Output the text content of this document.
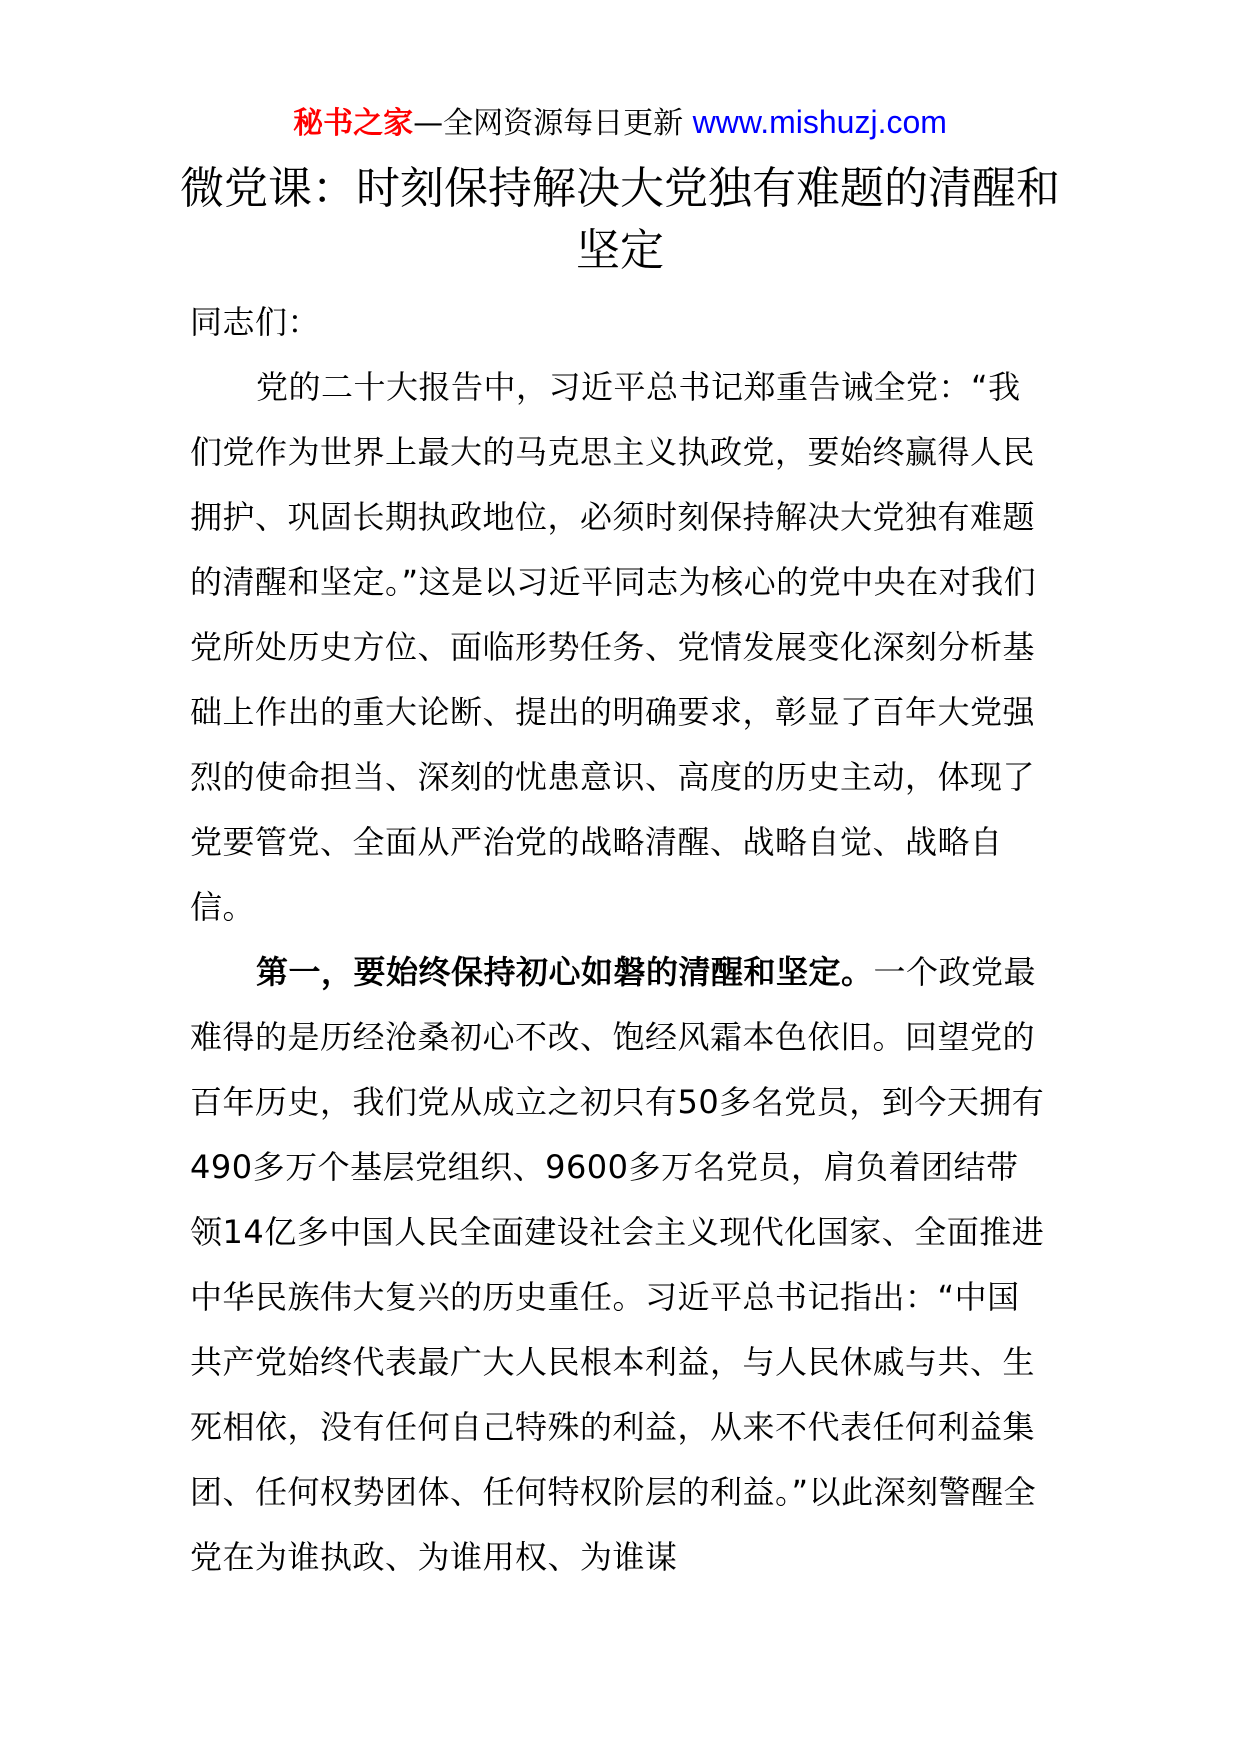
秘书之家—全网资源每日更新 www.mishuzj.com
微党课：时刻保持解决大党独有难题的清醒和坚定

同志们：

党的二十大报告中，习近平总书记郑重告诫全党：“我们党作为世界上最大的马克思主义执政党，要始终赢得人民拥护、巩固长期执政地位，必须时刻保持解决大党独有难题的清醒和坚定。”这是以习近平同志为核心的党中央在对我们党所处历史方位、面临形势任务、党情发展变化深刻分析基础上作出的重大论断、提出的明确要求，彰显了百年大党强烈的使命担当、深刻的忧患意识、高度的历史主动，体现了党要管党、全面从严治党的战略清醒、战略自觉、战略自信。

第一，要始终保持初心如磐的清醒和坚定。一个政党最难得的是历经沧桑初心不改、饱经风霜本色依旧。回望党的百年历史，我们党从成立之初只有50多名党员，到今天拥有490多万个基层党组织、9600多万名党员，肩负着团结带领14亿多中国人民全面建设社会主义现代化国家、全面推进中华民族伟大复兴的历史重任。习近平总书记指出：“中国共产党始终代表最广大人民根本利益，与人民休戚与共、生死相依，没有任何自己特殊的利益，从来不代表任何利益集团、任何权势团体、任何特权阶层的利益。”以此深刻警醒全党在为谁执政、为谁用权、为谁谋
